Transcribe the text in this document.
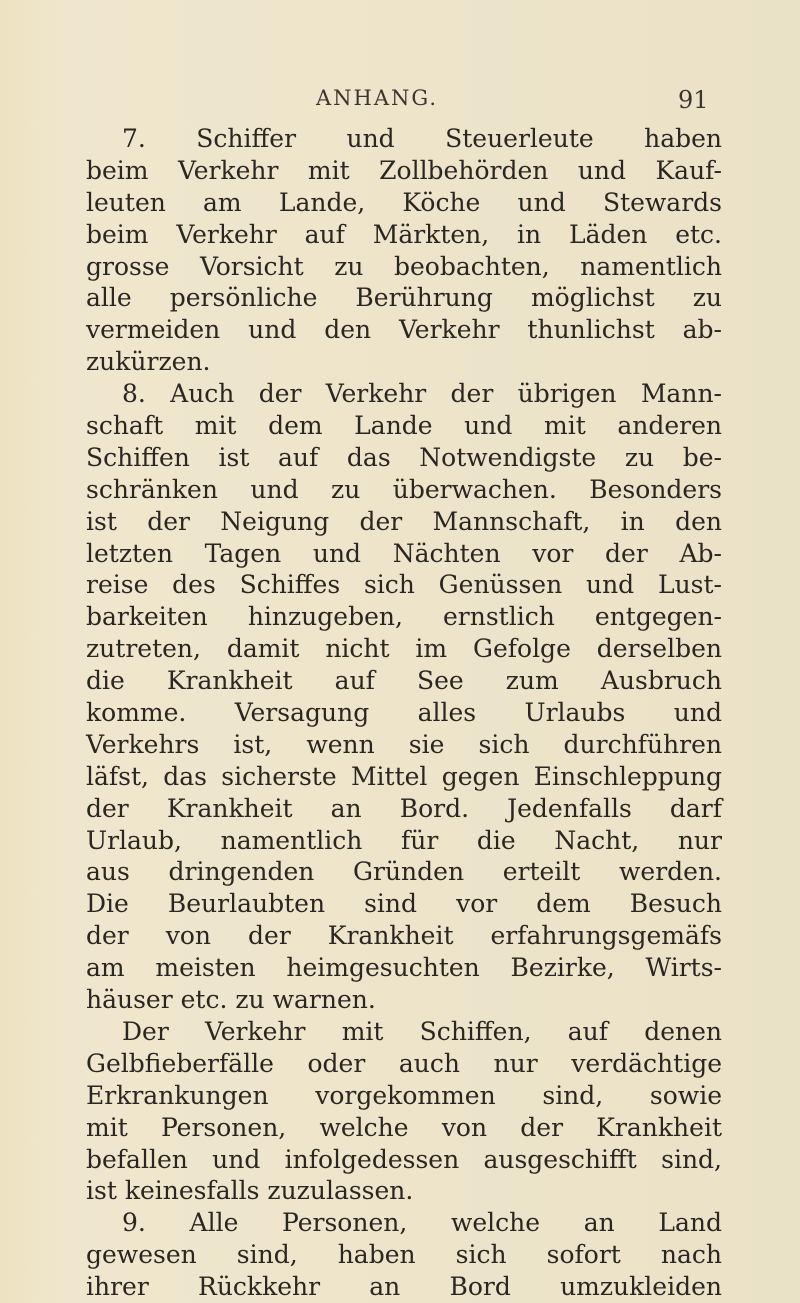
ANHANG.	91
7. Schiffer und Steuerleute haben
beim Verkehr mit Zollbehörden und Kauf-
leuten am Lande, Köche und Stewards
beim Verkehr auf Märkten, in Läden etc.
grosse Vorsicht zu beobachten, namentlich
alle persönliche Berührung möglichst zu
vermeiden und den Verkehr thunlichst ab-
zukürzen.
8. Auch der Verkehr der übrigen Mann-
schaft mit dem Lande und mit anderen
Schiffen ist auf das Notwendigste zu be-
schränken und zu überwachen. Besonders
ist der Neigung der Mannschaft, in den
letzten Tagen und Nächten vor der Ab-
reise des Schiffes sich Genüssen und Lust-
barkeiten hinzugeben, ernstlich entgegen-
zutreten, damit nicht im Gefolge derselben
die Krankheit auf See zum Ausbruch
komme. Versagung alles Urlaubs und
Verkehrs ist, wenn sie sich durchführen
läfst, das sicherste Mittel gegen Einschleppung
der Krankheit an Bord. Jedenfalls darf
Urlaub, namentlich für die Nacht, nur
aus dringenden Gründen erteilt werden.
Die Beurlaubten sind vor dem Besuch
der von der Krankheit erfahrungsgemäfs
am meisten heimgesuchten Bezirke, Wirts-
häuser etc. zu warnen.
Der Verkehr mit Schiffen, auf denen
Gelbfieberfälle oder auch nur verdächtige
Erkrankungen vorgekommen sind, sowie
mit Personen, welche von der Krankheit
befallen und infolgedessen ausgeschifft sind,
ist keinesfalls zuzulassen.
9. Alle Personen, welche an Land
gewesen sind, haben sich sofort nach
ihrer Rückkehr an Bord umzukleiden
